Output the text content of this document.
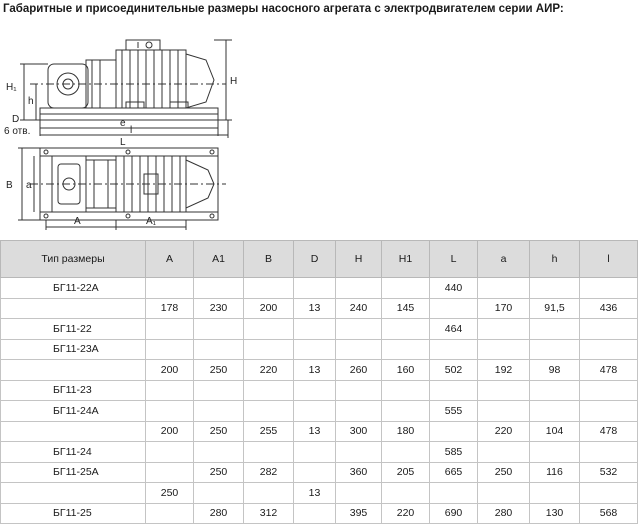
Габаритные и присоединительные размеры насосного агрегата с электродвигателем серии АИР:
H₁
h
D
6 отв.
e
l
L
H
B a
A	A₁
Тип размеры	A	A1	B	D	H	H1	L	a	h	l
БГ11-22А							440			
	178	230	200	13	240	145		170	91,5	436
БГ11-22							464			
БГ11-23А										
	200	250	220	13	260	160	502	192	98	478
БГ11-23										
БГ11-24А							555			
	200	250	255	13	300	180		220	104	478
БГ11-24							585			
БГ11-25А		250	282		360	205	665	250	116	532
	250			13						
БГ11-25		280	312		395	220	690	280	130	568
